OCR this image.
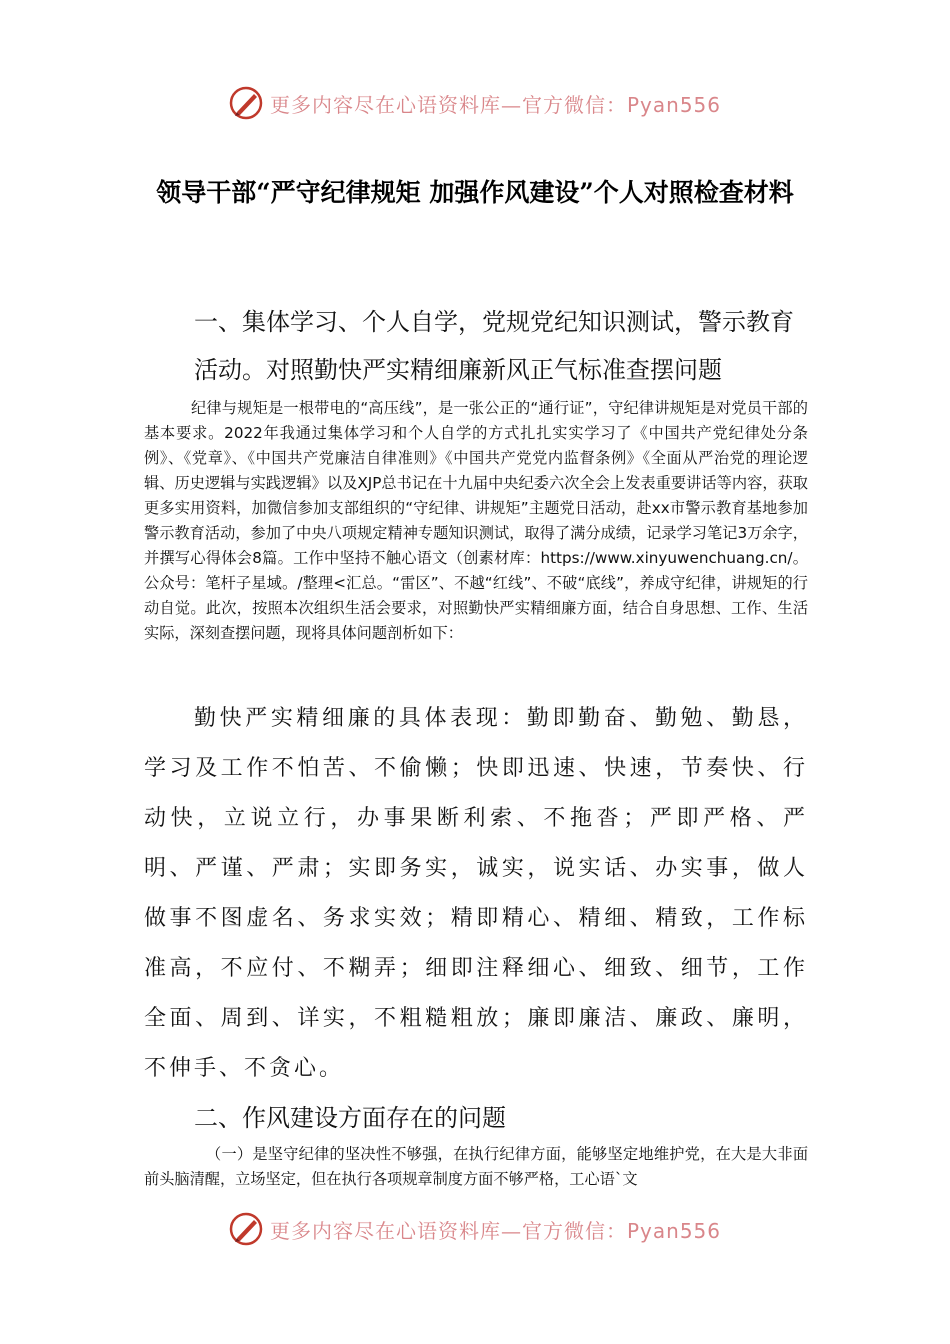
更多内容尽在心语资料库—官方微信：Pyan556
领导干部“严守纪律规矩 加强作风建设”个人对照检查材料
一、集体学习、个人自学，党规党纪知识测试，警示教育活动。对照勤快严实精细廉新风正气标准查摆问题
纪律与规矩是一根带电的“高压线”，是一张公正的“通行证”，守纪律讲规矩是对党员干部的基本要求。2022年我通过集体学习和个人自学的方式扎扎实实学习了《中国共产党纪律处分条例》、《党章》、《中国共产党廉洁自律准则》《中国共产党党内监督条例》《全面从严治党的理论逻辑、历史逻辑与实践逻辑》以及XJP总书记在十九届中央纪委六次全会上发表重要讲话等内容，获取更多实用资料，加微信参加支部组织的“守纪律、讲规矩”主题党日活动，赴xx市警示教育基地参加警示教育活动，参加了中央八项规定精神专题知识测试，取得了满分成绩，记录学习笔记3万余字，并撰写心得体会8篇。工作中坚持不触心语文（创素材库：https://www.xinyuwenchuang.cn/。公众号：笔杆子星域。/整理<汇总。“雷区”、不越“红线”、不破“底线”，养成守纪律，讲规矩的行动自觉。此次，按照本次组织生活会要求，对照勤快严实精细廉方面，结合自身思想、工作、生活实际，深刻查摆问题，现将具体问题剖析如下：
勤快严实精细廉的具体表现：勤即勤奋、勤勉、勤恳，学习及工作不怕苦、不偷懒；快即迅速、快速，节奏快、行动快，立说立行，办事果断利索、不拖沓；严即严格、严明、严谨、严肃；实即务实，诚实，说实话、办实事，做人做事不图虚名、务求实效；精即精心、精细、精致，工作标准高，不应付、不糊弄；细即注释细心、细致、细节，工作全面、周到、详实，不粗糙粗放；廉即廉洁、廉政、廉明，不伸手、不贪心。
二、作风建设方面存在的问题
（一）是坚守纪律的坚决性不够强，在执行纪律方面，能够坚定地维护党，在大是大非面前头脑清醒，立场坚定，但在执行各项规章制度方面不够严格，工心语`文
更多内容尽在心语资料库—官方微信：Pyan556
